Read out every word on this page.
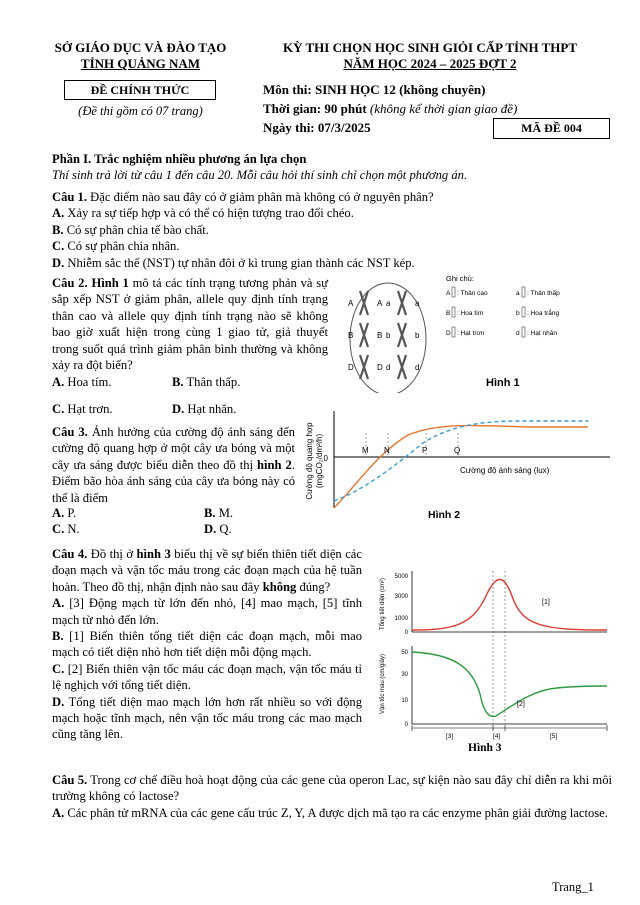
SỞ GIÁO DỤC VÀ ĐÀO TẠO
TỈNH QUẢNG NAM
ĐỀ CHÍNH THỨC
(Đề thi gồm có 07 trang)
KỲ THI CHỌN HỌC SINH GIỎI CẤP TỈNH THPT
NĂM HỌC 2024 – 2025 ĐỢT 2
Môn thi: SINH HỌC 12 (không chuyên)
Thời gian: 90 phút (không kể thời gian giao đề)
Ngày thi: 07/3/2025	MÃ ĐỀ 004
Phần I. Trắc nghiệm nhiều phương án lựa chọn
Thí sinh trả lời từ câu 1 đến câu 20. Mỗi câu hỏi thí sinh chỉ chọn một phương án.
Câu 1. Đặc điểm nào sau đây có ở giảm phân mà không có ở nguyên phân?
A. Xảy ra sự tiếp hợp và có thể có hiện tượng trao đổi chéo.
B. Có sự phân chia tế bào chất.
C. Có sự phân chia nhân.
D. Nhiễm sắc thể (NST) tự nhân đôi ở kì trung gian thành các NST kép.
Câu 2. Hình 1 mô tả các tính trạng tương phản và sự sắp xếp NST ở giảm phân, allele quy định tính trạng thân cao và allele quy định tính trạng nào sẽ không bao giờ xuất hiện trong cùng 1 giao tử, giả thuyết trong suốt quá trình giảm phân bình thường và không xảy ra đột biến?
A. Hoa tím.	B. Thân thấp.
C. Hạt trơn.	D. Hạt nhăn.
A	A a	a
B	B b	b
D	D d	d
Ghi chú:
A : Thân cao	a : Thân thấp
B : Hoa tím	b : Hoa trắng
D : Hạt trơn	d : Hạt nhăn
Hình 1
Câu 3. Ảnh hưởng của cường độ ánh sáng đến cường độ quang hợp ở một cây ưa bóng và một cây ưa sáng được biểu diễn theo đồ thị hình 2. Điểm bão hòa ánh sáng của cây ưa bóng này có thể là điểm
A. P.	B. M.
C. N.	D. Q.
Cường độ quang hợp (mgCO₂/dm²/h) 0
M N	P	Q
Cường độ ánh sáng (lux)
Hình 2
Câu 4. Đồ thị ở hình 3 biểu thị về sự biến thiên tiết diện các đoạn mạch và vận tốc máu trong các đoạn mạch của hệ tuần hoàn. Theo đồ thị, nhận định nào sau đây không đúng?
A. [3] Động mạch từ lớn đến nhỏ, [4] mao mạch, [5] tĩnh mạch từ nhỏ đến lớn.
B. [1] Biến thiên tổng tiết diện các đoạn mạch, mỗi mao mạch có tiết diện nhỏ hơn tiết diện mỗi động mạch.
C. [2] Biến thiên vận tốc máu các đoạn mạch, vận tốc máu tỉ lệ nghịch với tổng tiết diện.
D. Tổng tiết diện mao mạch lớn hơn rất nhiều so với động mạch hoặc tĩnh mạch, nên vận tốc máu trong các mao mạch cũng tăng lên.
Tổng tiết diện (cm²)
5000
3000
1000
0
[1]
Vận tốc máu (cm/giây)
50
30
10
0
[2]
[3]	[4]	[5]
Hình 3
Câu 5. Trong cơ chế điều hoà hoạt động của các gene của operon Lac, sự kiện nào sau đây chỉ diễn ra khi môi trường không có lactose?
A. Các phân tử mRNA của các gene cấu trúc Z, Y, A được dịch mã tạo ra các enzyme phân giải đường lactose.
Trang_1
